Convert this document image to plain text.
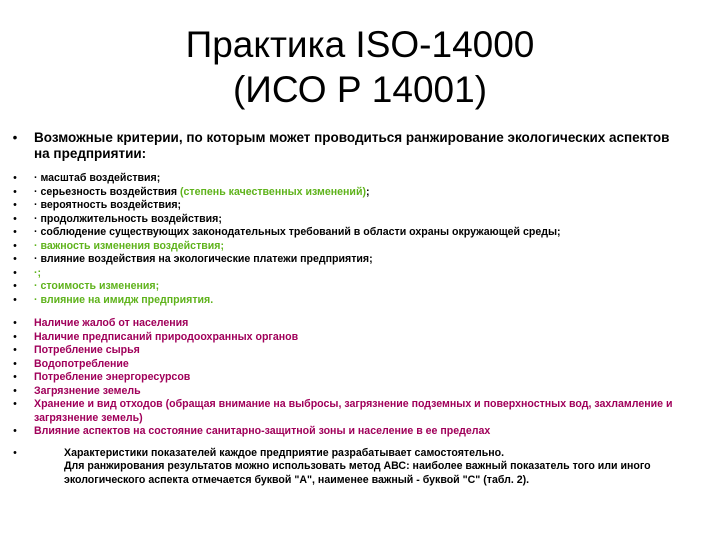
Практика ISO-14000
(ИСО Р 14001)
•	Возможные критерии, по которым может проводиться ранжирование экологических аспектов на предприятии:
•	· масштаб воздействия;
•	· серьезность воздействия (степень качественных изменений);
•	· вероятность воздействия;
•	· продолжительность воздействия;
•	· соблюдение существующих законодательных требований в области охраны окружающей среды;
•	· важность изменения воздействия;
•	· влияние воздействия на экологические платежи предприятия;
•	·;
•	· стоимость изменения;
•	· влияние на имидж предприятия.
•	Наличие жалоб от населения
•	Наличие предписаний природоохранных органов
•	Потребление сырья
•	Водопотребление
•	Потребление энергоресурсов
•	Загрязнение земель
•	Хранение и вид отходов (обращая внимание на выбросы, загрязнение подземных и поверхностных вод, захламление и загрязнение земель)
•	Влияние аспектов на состояние санитарно-защитной зоны и население в ее пределах
•	Характеристики показателей каждое предприятие разрабатывает самостоятельно.
Для ранжирования результатов можно использовать метод АВС: наиболее важный показатель того или иного экологического аспекта отмечается буквой "А", наименее важный - буквой "С" (табл. 2).
